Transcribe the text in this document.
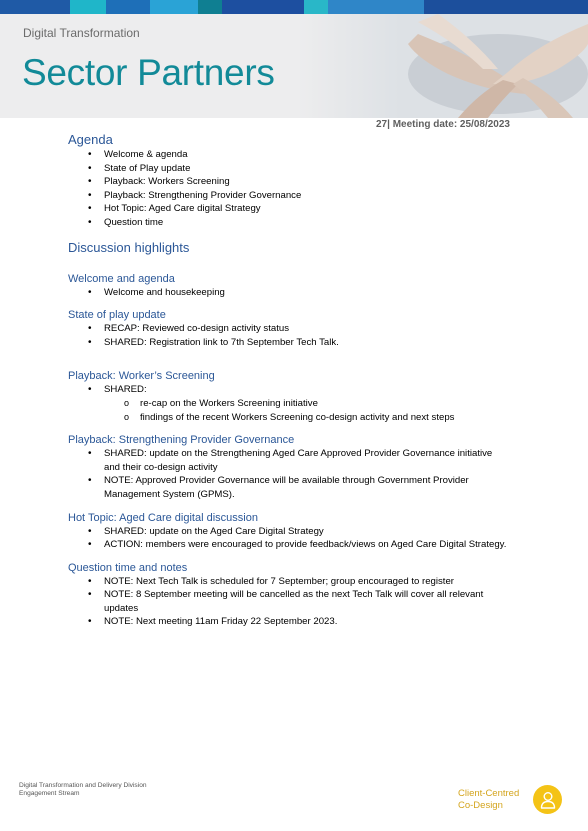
Digital Transformation
Sector Partners
27| Meeting date: 25/08/2023
Agenda
• Welcome & agenda
• State of Play update
• Playback: Workers Screening
• Playback: Strengthening Provider Governance
• Hot Topic: Aged Care digital Strategy
• Question time
Discussion highlights
Welcome and agenda
• Welcome and housekeeping
State of play update
• RECAP: Reviewed co-design activity status
• SHARED: Registration link to 7th September Tech Talk.
Playback: Worker’s Screening
• SHARED:
o re-cap on the Workers Screening initiative
o findings of the recent Workers Screening co-design activity and next steps
Playback: Strengthening Provider Governance
• SHARED: update on the Strengthening Aged Care Approved Provider Governance initiative and their co-design activity
• NOTE: Approved Provider Governance will be available through Government Provider Management System (GPMS).
Hot Topic: Aged Care digital discussion
• SHARED: update on the Aged Care Digital Strategy
• ACTION: members were encouraged to provide feedback/views on Aged Care Digital Strategy.
Question time and notes
• NOTE: Next Tech Talk is scheduled for 7 September; group encouraged to register
• NOTE: 8 September meeting will be cancelled as the next Tech Talk will cover all relevant updates
• NOTE: Next meeting 11am Friday 22 September 2023.
Digital Transformation and Delivery Division
Engagement Stream	Client-Centred
Co-Design
